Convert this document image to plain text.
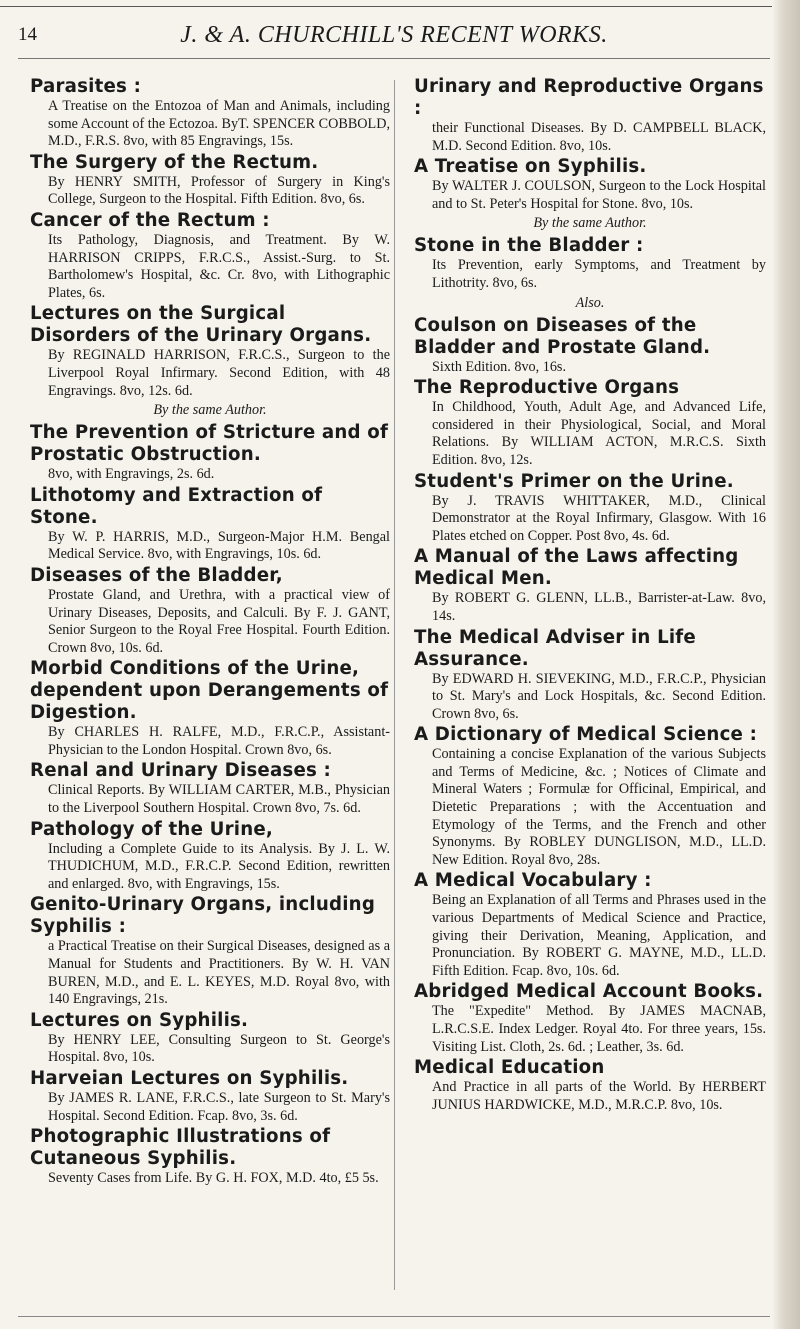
14	J. & A. CHURCHILL'S RECENT WORKS.
Parasites :
A Treatise on the Entozoa of Man and Animals, including some Account of the Ectozoa. ByT. SPENCER COBBOLD, M.D., F.R.S. 8vo, with 85 Engravings, 15s.
The Surgery of the Rectum.
By HENRY SMITH, Professor of Surgery in King's College, Surgeon to the Hospital. Fifth Edition. 8vo, 6s.
Cancer of the Rectum :
Its Pathology, Diagnosis, and Treatment. By W. HARRISON CRIPPS, F.R.C.S., Assist.-Surg. to St. Bartholomew's Hospital, &c. Cr. 8vo, with Lithographic Plates, 6s.
Lectures on the Surgical Disorders of the Urinary Organs.
By REGINALD HARRISON, F.R.C.S., Surgeon to the Liverpool Royal Infirmary. Second Edition, with 48 Engravings. 8vo, 12s. 6d.
By the same Author.
The Prevention of Stricture and of Prostatic Obstruction.
8vo, with Engravings, 2s. 6d.
Lithotomy and Extraction of Stone.
By W. P. HARRIS, M.D., Surgeon-Major H.M. Bengal Medical Service. 8vo, with Engravings, 10s. 6d.
Diseases of the Bladder,
Prostate Gland, and Urethra, with a practical view of Urinary Diseases, Deposits, and Calculi. By F. J. GANT, Senior Surgeon to the Royal Free Hospital. Fourth Edition. Crown 8vo, 10s. 6d.
Morbid Conditions of the Urine, dependent upon Derangements of Digestion.
By CHARLES H. RALFE, M.D., F.R.C.P., Assistant-Physician to the London Hospital. Crown 8vo, 6s.
Renal and Urinary Diseases :
Clinical Reports. By WILLIAM CARTER, M.B., Physician to the Liverpool Southern Hospital. Crown 8vo, 7s. 6d.
Pathology of the Urine,
Including a Complete Guide to its Analysis. By J. L. W. THUDICHUM, M.D., F.R.C.P. Second Edition, rewritten and enlarged. 8vo, with Engravings, 15s.
Genito-Urinary Organs, including Syphilis :
a Practical Treatise on their Surgical Diseases, designed as a Manual for Students and Practitioners. By W. H. VAN BUREN, M.D., and E. L. KEYES, M.D. Royal 8vo, with 140 Engravings, 21s.
Lectures on Syphilis.
By HENRY LEE, Consulting Surgeon to St. George's Hospital. 8vo, 10s.
Harveian Lectures on Syphilis.
By JAMES R. LANE, F.R.C.S., late Surgeon to St. Mary's Hospital. Second Edition. Fcap. 8vo, 3s. 6d.
Photographic Illustrations of Cutaneous Syphilis.
Seventy Cases from Life. By G. H. FOX, M.D. 4to, £5 5s.
Urinary and Reproductive Organs :
their Functional Diseases. By D. CAMPBELL BLACK, M.D. Second Edition. 8vo, 10s.
A Treatise on Syphilis.
By WALTER J. COULSON, Surgeon to the Lock Hospital and to St. Peter's Hospital for Stone. 8vo, 10s.
By the same Author.
Stone in the Bladder :
Its Prevention, early Symptoms, and Treatment by Lithotrity. 8vo, 6s.
Also.
Coulson on Diseases of the Bladder and Prostate Gland.
Sixth Edition. 8vo, 16s.
The Reproductive Organs
In Childhood, Youth, Adult Age, and Advanced Life, considered in their Physiological, Social, and Moral Relations. By WILLIAM ACTON, M.R.C.S. Sixth Edition. 8vo, 12s.
Student's Primer on the Urine.
By J. TRAVIS WHITTAKER, M.D., Clinical Demonstrator at the Royal Infirmary, Glasgow. With 16 Plates etched on Copper. Post 8vo, 4s. 6d.
A Manual of the Laws affecting Medical Men.
By ROBERT G. GLENN, LL.B., Barrister-at-Law. 8vo, 14s.
The Medical Adviser in Life Assurance.
By EDWARD H. SIEVEKING, M.D., F.R.C.P., Physician to St. Mary's and Lock Hospitals, &c. Second Edition. Crown 8vo, 6s.
A Dictionary of Medical Science :
Containing a concise Explanation of the various Subjects and Terms of Medicine, &c. ; Notices of Climate and Mineral Waters ; Formulæ for Officinal, Empirical, and Dietetic Preparations ; with the Accentuation and Etymology of the Terms, and the French and other Synonyms. By ROBLEY DUNGLISON, M.D., LL.D. New Edition. Royal 8vo, 28s.
A Medical Vocabulary :
Being an Explanation of all Terms and Phrases used in the various Departments of Medical Science and Practice, giving their Derivation, Meaning, Application, and Pronunciation. By ROBERT G. MAYNE, M.D., LL.D. Fifth Edition. Fcap. 8vo, 10s. 6d.
Abridged Medical Account Books.
The "Expedite" Method. By JAMES MACNAB, L.R.C.S.E. Index Ledger. Royal 4to. For three years, 15s. Visiting List. Cloth, 2s. 6d. ; Leather, 3s. 6d.
Medical Education
And Practice in all parts of the World. By HERBERT JUNIUS HARDWICKE, M.D., M.R.C.P. 8vo, 10s.
